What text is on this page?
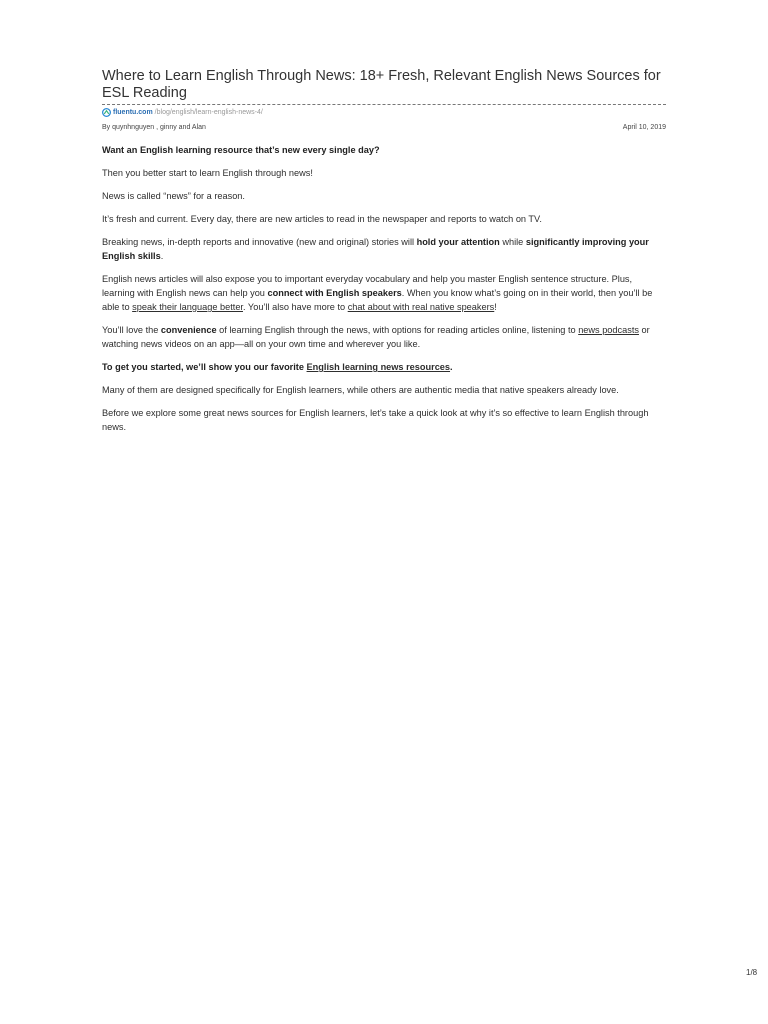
Where to Learn English Through News: 18+ Fresh, Relevant English News Sources for ESL Reading
fluentu.com /blog/english/learn-english-news-4/
By quynhnguyen , ginny and Alan	April 10, 2019

Want an English learning resource that’s new every single day?

Then you better start to learn English through news!

News is called “news” for a reason.

It’s fresh and current. Every day, there are new articles to read in the newspaper and reports to watch on TV.

Breaking news, in-depth reports and innovative (new and original) stories will hold your attention while significantly improving your English skills.

English news articles will also expose you to important everyday vocabulary and help you master English sentence structure. Plus, learning with English news can help you connect with English speakers. When you know what’s going on in their world, then you’ll be able to speak their language better. You’ll also have more to chat about with real native speakers!

You’ll love the convenience of learning English through the news, with options for reading articles online, listening to news podcasts or watching news videos on an app—all on your own time and wherever you like.

To get you started, we’ll show you our favorite English learning news resources.

Many of them are designed specifically for English learners, while others are authentic media that native speakers already love.

Before we explore some great news sources for English learners, let’s take a quick look at why it’s so effective to learn English through news.

1/8
